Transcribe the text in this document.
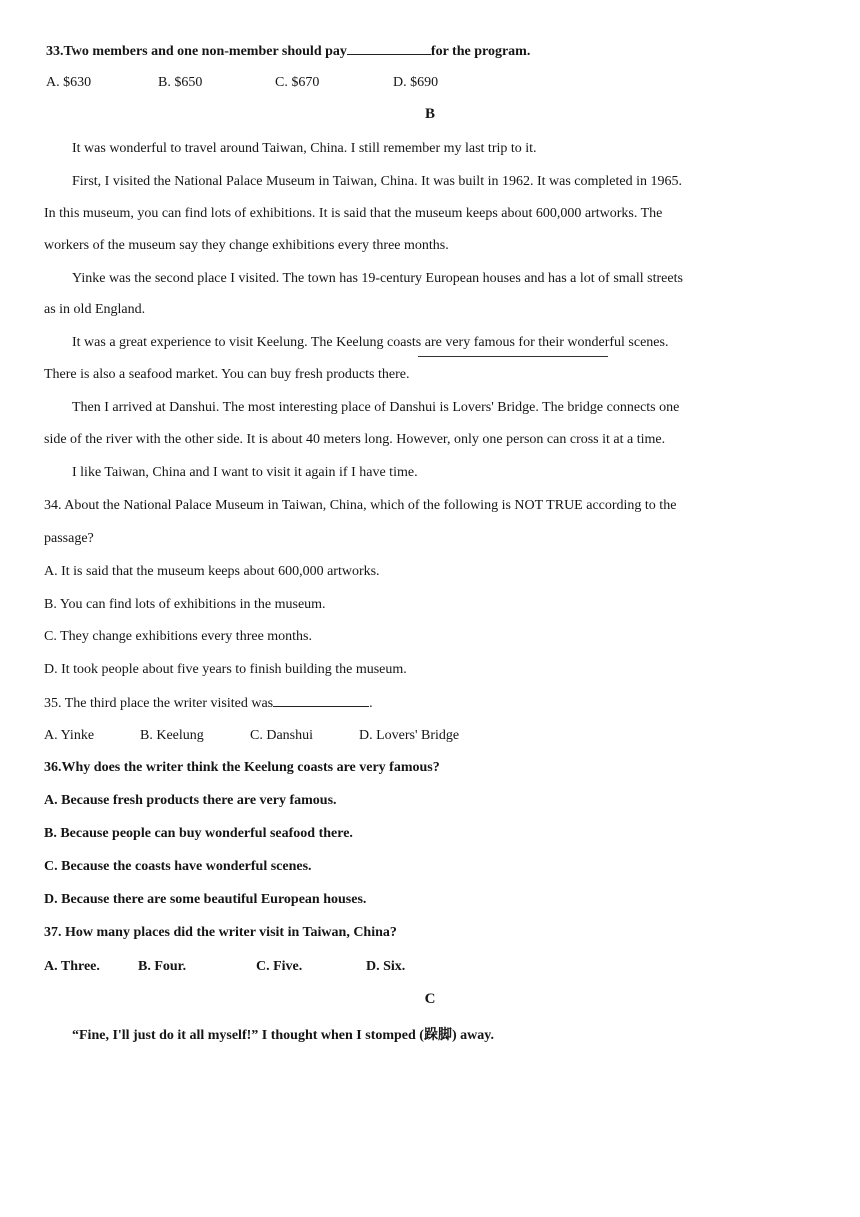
33.Two members and one non-member should pay	for the program.
A. $630	B. $650	C. $670	D. $690
B
It was wonderful to travel around Taiwan, China. I still remember my last trip to it.
First, I visited the National Palace Museum in Taiwan, China. It was built in 1962. It was completed in 1965.
In this museum, you can find lots of exhibitions. It is said that the museum keeps about 600,000 artworks. The
workers of the museum say they change exhibitions every three months.
Yinke was the second place I visited. The town has 19-century European houses and has a lot of small streets
as in old England.
It was a great experience to visit Keelung. The Keelung coasts are very famous for their wonderful scenes.
There is also a seafood market. You can buy fresh products there.
Then I arrived at Danshui. The most interesting place of Danshui is Lovers' Bridge. The bridge connects one
side of the river with the other side. It is about 40 meters long. However, only one person can cross it at a time.
I like Taiwan, China and I want to visit it again if I have time.
34. About the National Palace Museum in Taiwan, China, which of the following is NOT TRUE according to the
passage?
A. It is said that the museum keeps about 600,000 artworks.
B. You can find lots of exhibitions in the museum.
C. They change exhibitions every three months.
D. It took people about five years to finish building the museum.
35. The third place the writer visited was	.
A. Yinke	B. Keelung	C. Danshui	D. Lovers' Bridge
36.Why does the writer think the Keelung coasts are very famous?
A. Because fresh products there are very famous.
B. Because people can buy wonderful seafood there.
C. Because the coasts have wonderful scenes.
D. Because there are some beautiful European houses.
37. How many places did the writer visit in Taiwan, China?
A. Three.	B. Four.	C. Five.	D. Six.
C
“Fine, I'll just do it all myself!” I thought when I stomped (跺脚) away.
